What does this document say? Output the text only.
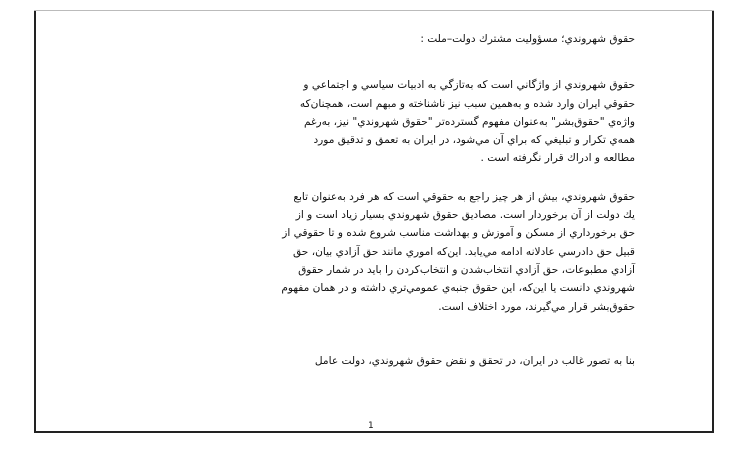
حقوق شهروندي؛ مسؤوليت مشترك دولت–ملت :

حقوق شهروندي از واژگاني است كه به‌تازگي به ادبيات سياسي و اجتماعي و
حقوقي ايران وارد شده و به‌همين سبب نيز ناشناخته و مبهم است، همچنان‌كه
واژه‌ي "حقوق‌بشر" به‌عنوان مفهوم گسترده‌تر "حقوق شهروندي" نيز، به‌رغم
همه‌ي تكرار و تبليغي كه براي آن مي‌شود، در ايران به تعمق و تدقيق مورد
مطالعه و ادراك قرار نگرفته است .

حقوق شهروندي، بيش از هر چيز راجع به حقوقي است كه هر فرد به‌عنوان تابع
يك دولت از آن برخوردار است. مصاديق حقوق شهروندي بسيار زياد است و از
حق برخورداري از مسكن و آموزش و بهداشت مناسب شروع شده و تا حقوقي از
قبيل حق دادرسي عادلانه ادامه مي‌يابد. اين‌كه اموري مانند حق آزادي بيان، حق
آزادي مطبوعات، حق آزادي انتخاب‌شدن و انتخاب‌كردن را بايد در شمار حقوق
شهروندي دانست يا اين‌كه، اين حقوق جنبه‌ي عمومي‌تري داشته و در همان مفهوم
حقوق‌بشر قرار مي‌گيرند، مورد اختلاف است.

بنا به تصور غالب در ايران، در تحقق و نقض حقوق شهروندي، دولت عامل

1
